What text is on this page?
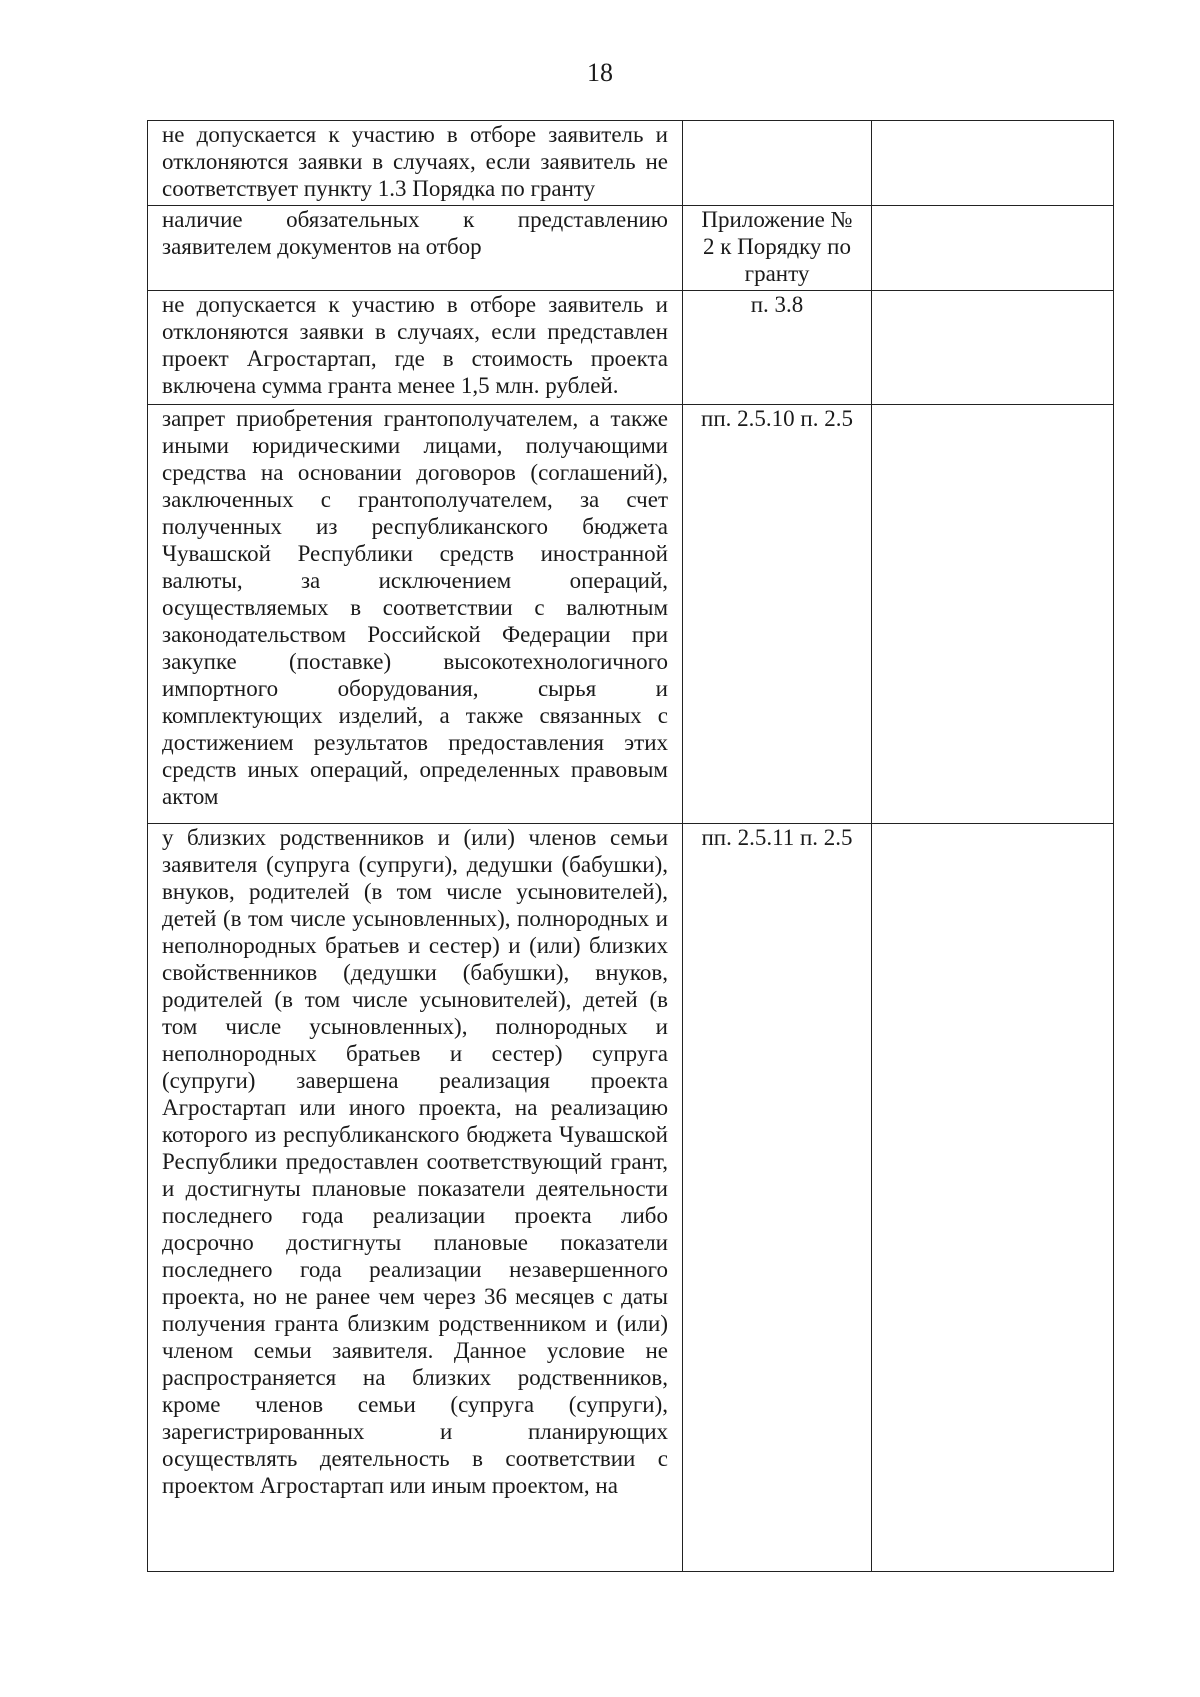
18
не допускается к участию в отборе заявитель и отклоняются заявки в случаях, если заявитель не соответствует пункту 1.3 Порядка по гранту		
наличие обязательных к представлению заявителем документов на отбор	Приложение № 2 к Порядку по гранту	
не допускается к участию в отборе заявитель и отклоняются заявки в случаях, если представлен проект Агростартап, где в стоимость проекта включена сумма гранта менее 1,5 млн. рублей.	п. 3.8	
запрет приобретения грантополучателем, а также иными юридическими лицами, получающими средства на основании договоров (соглашений), заключенных с грантополучателем, за счет полученных из республиканского бюджета Чувашской Республики средств иностранной валюты, за исключением операций, осуществляемых в соответствии с валютным законодательством Российской Федерации при закупке (поставке) высокотехнологичного импортного оборудования, сырья и комплектующих изделий, а также связанных с достижением результатов предоставления этих средств иных операций, определенных правовым актом	пп. 2.5.10 п. 2.5	
у близких родственников и (или) членов семьи заявителя (супруга (супруги), дедушки (бабушки), внуков, родителей (в том числе усыновителей), детей (в том числе усыновленных), полнородных и неполнородных братьев и сестер) и (или) близких свойственников (дедушки (бабушки), внуков, родителей (в том числе усыновителей), детей (в том числе усыновленных), полнородных и неполнородных братьев и сестер) супруга (супруги) завершена реализация проекта Агростартап или иного проекта, на реализацию которого из республиканского бюджета Чувашской Республики предоставлен соответствующий грант, и достигнуты плановые показатели деятельности последнего года реализации проекта либо досрочно достигнуты плановые показатели последнего года реализации незавершенного проекта, но не ранее чем через 36 месяцев с даты получения гранта близким родственником и (или) членом семьи заявителя. Данное условие не распространяется на близких родственников, кроме членов семьи (супруга (супруги), зарегистрированных и планирующих осуществлять деятельность в соответствии с проектом Агростартап или иным проектом, на	пп. 2.5.11 п. 2.5	
